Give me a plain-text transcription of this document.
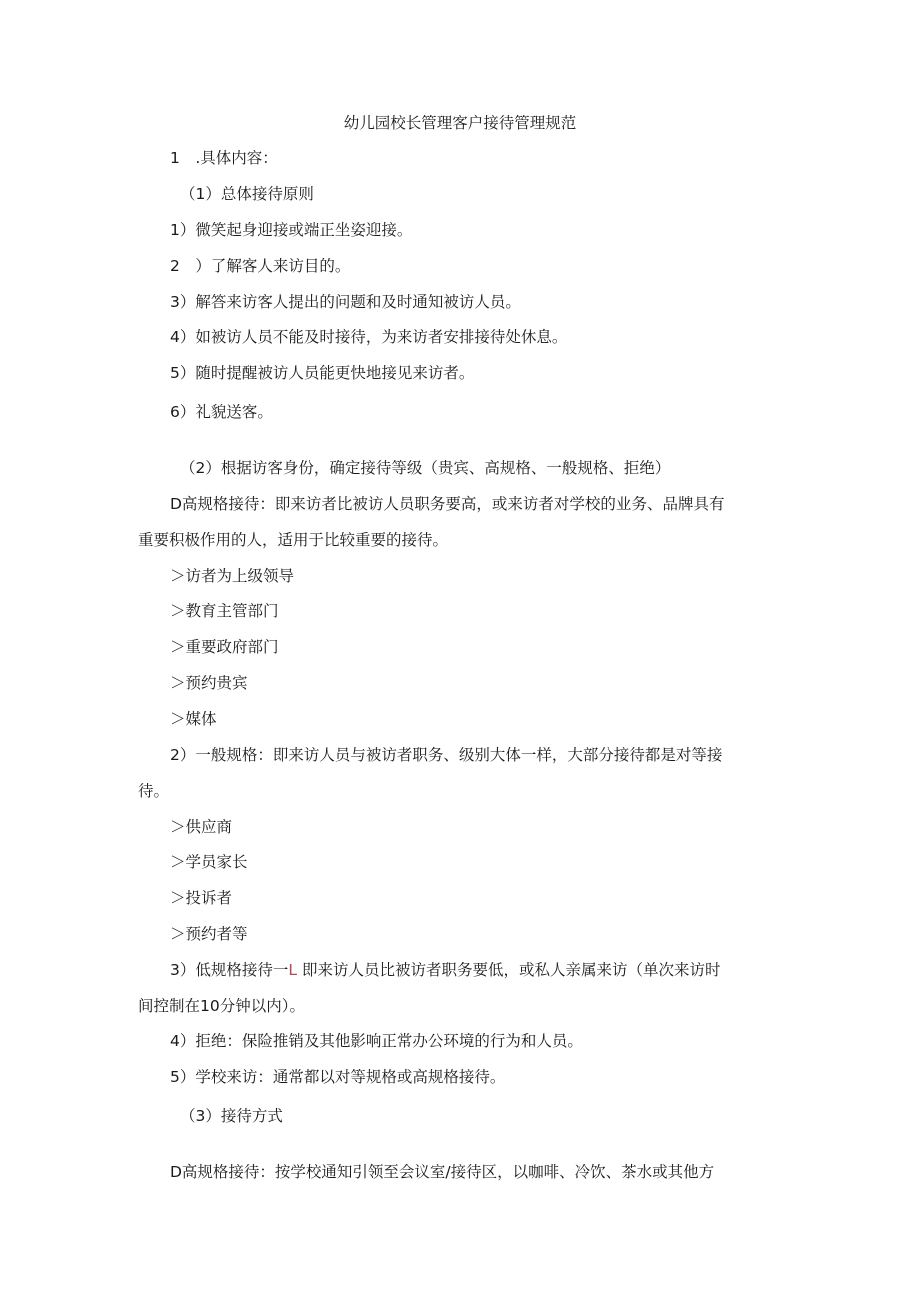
幼儿园校长管理客户接待管理规范
1　.具体内容：
（1）总体接待原则
1）微笑起身迎接或端正坐姿迎接。
2　）了解客人来访目的。
3）解答来访客人提出的问题和及时通知被访人员。
4）如被访人员不能及时接待，为来访者安排接待处休息。
5）随时提醒被访人员能更快地接见来访者。
6）礼貌送客。
（2）根据访客身份，确定接待等级（贵宾、高规格、一般规格、拒绝）
D高规格接待：即来访者比被访人员职务要高，或来访者对学校的业务、品牌具有
重要积极作用的人，适用于比较重要的接待。
＞访者为上级领导
＞教育主管部门
＞重要政府部门
＞预约贵宾
＞媒体
2）一般规格：即来访人员与被访者职务、级别大体一样，大部分接待都是对等接
待。
＞供应商
＞学员家长
＞投诉者
＞预约者等
3）低规格接待一L 即来访人员比被访者职务要低，或私人亲属来访（单次来访时
间控制在10分钟以内）。
4）拒绝：保险推销及其他影响正常办公环境的行为和人员。
5）学校来访：通常都以对等规格或高规格接待。
（3）接待方式
D高规格接待：按学校通知引领至会议室/接待区，以咖啡、冷饮、茶水或其他方
